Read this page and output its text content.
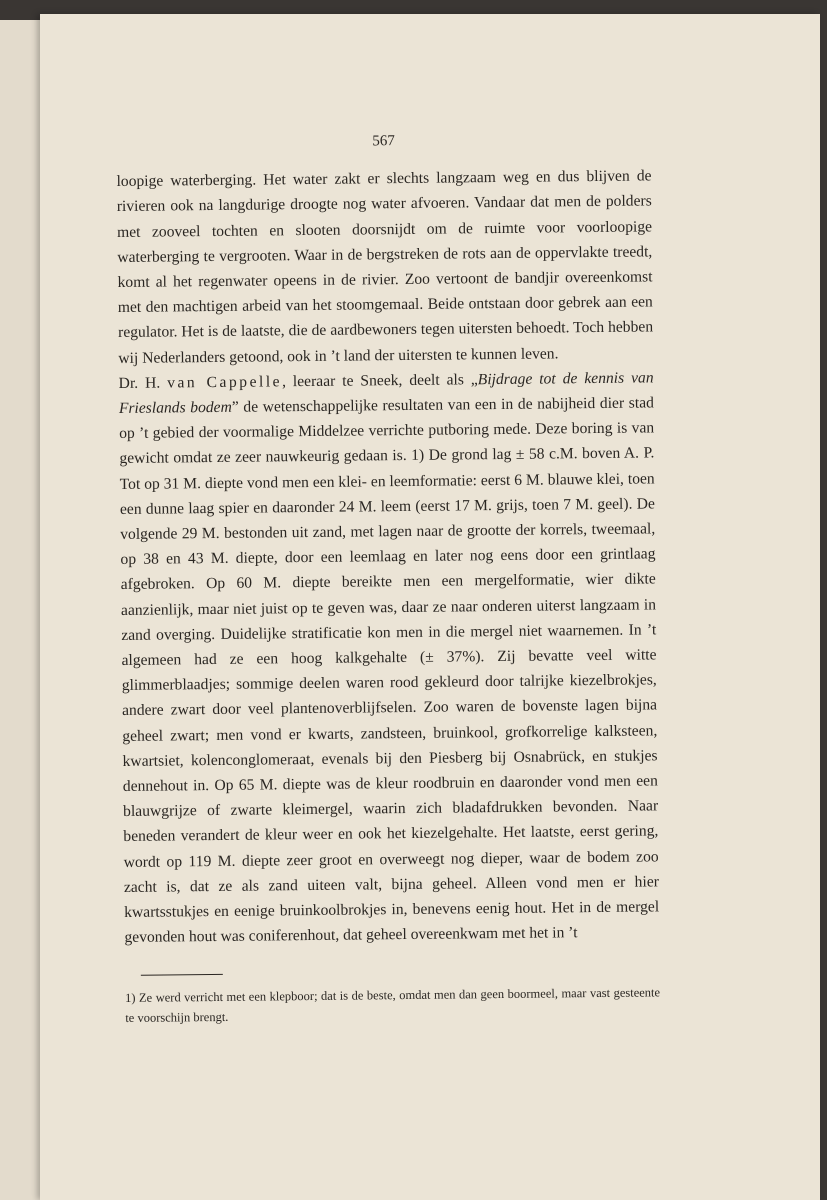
567

loopige waterberging. Het water zakt er slechts langzaam weg en dus blijven de rivieren ook na langdurige droogte nog water afvoeren. Vandaar dat men de polders met zooveel tochten en slooten doorsnijdt om de ruimte voor voorloopige waterberging te vergrooten. Waar in de bergstreken de rots aan de oppervlakte treedt, komt al het regenwater opeens in de rivier. Zoo vertoont de bandjir overeenkomst met den machtigen arbeid van het stoomgemaal. Beide ontstaan door gebrek aan een regulator. Het is de laatste, die de aardbewoners tegen uitersten behoedt. Toch hebben wij Nederlanders getoond, ook in ’t land der uitersten te kunnen leven.

Dr. H. van Cappelle, leeraar te Sneek, deelt als „Bijdrage tot de kennis van Frieslands bodem” de wetenschappelijke resultaten van een in de nabijheid dier stad op ’t gebied der voormalige Middelzee verrichte putboring mede. Deze boring is van gewicht omdat ze zeer nauwkeurig gedaan is. 1) De grond lag ± 58 c.M. boven A. P. Tot op 31 M. diepte vond men een klei- en leemformatie: eerst 6 M. blauwe klei, toen een dunne laag spier en daaronder 24 M. leem (eerst 17 M. grijs, toen 7 M. geel). De volgende 29 M. bestonden uit zand, met lagen naar de grootte der korrels, tweemaal, op 38 en 43 M. diepte, door een leemlaag en later nog eens door een grintlaag afgebroken. Op 60 M. diepte bereikte men een mergelformatie, wier dikte aanzienlijk, maar niet juist op te geven was, daar ze naar onderen uiterst langzaam in zand overging. Duidelijke stratificatie kon men in die mergel niet waarnemen. In ’t algemeen had ze een hoog kalkgehalte (± 37%). Zij bevatte veel witte glimmerblaadjes; sommige deelen waren rood gekleurd door talrijke kiezelbrokjes, andere zwart door veel plantenoverblijfselen. Zoo waren de bovenste lagen bijna geheel zwart; men vond er kwarts, zandsteen, bruinkool, grofkorrelige kalksteen, kwartsiet, kolenconglomeraat, evenals bij den Piesberg bij Osnabrück, en stukjes dennehout in. Op 65 M. diepte was de kleur roodbruin en daaronder vond men een blauwgrijze of zwarte kleimergel, waarin zich bladafdrukken bevonden. Naar beneden verandert de kleur weer en ook het kiezelgehalte. Het laatste, eerst gering, wordt op 119 M. diepte zeer groot en overweegt nog dieper, waar de bodem zoo zacht is, dat ze als zand uiteen valt, bijna geheel. Alleen vond men er hier kwartsstukjes en eenige bruinkoolbrokjes in, benevens eenig hout. Het in de mergel gevonden hout was coniferenhout, dat geheel overeenkwam met het in ’t

1) Ze werd verricht met een klepboor; dat is de beste, omdat men dan geen boormeel, maar vast gesteente te voorschijn brengt.
